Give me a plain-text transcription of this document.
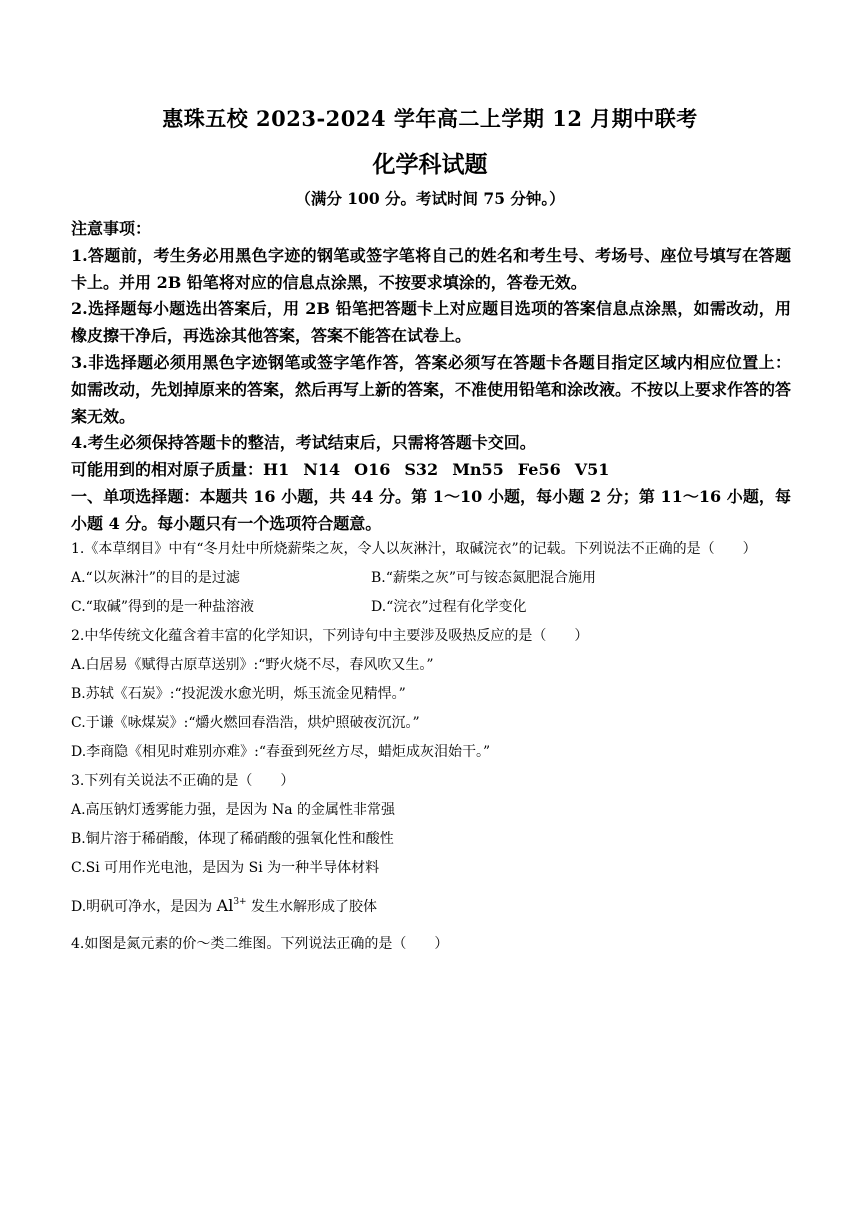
惠珠五校 2023-2024 学年高二上学期 12 月期中联考
化学科试题
（满分 100 分。考试时间 75 分钟。）

注意事项：

1.答题前，考生务必用黑色字迹的钢笔或签字笔将自己的姓名和考生号、考场号、座位号填写在答题卡上。并用 2B 铅笔将对应的信息点涂黑，不按要求填涂的，答卷无效。

2.选择题每小题选出答案后，用 2B 铅笔把答题卡上对应题目选项的答案信息点涂黑，如需改动，用橡皮擦干净后，再选涂其他答案，答案不能答在试卷上。

3.非选择题必须用黑色字迹钢笔或签字笔作答，答案必须写在答题卡各题目指定区域内相应位置上：如需改动，先划掉原来的答案，然后再写上新的答案，不准使用铅笔和涂改液。不按以上要求作答的答案无效。

4.考生必须保持答题卡的整洁，考试结束后，只需将答题卡交回。

可能用到的相对原子质量：H1 N14 O16 S32 Mn55 Fe56 V51

一、单项选择题：本题共 16 小题，共 44 分。第 1～10 小题，每小题 2 分；第 11～16 小题，每小题 4 分。每小题只有一个选项符合题意。

1.《本草纲目》中有“冬月灶中所烧薪柴之灰，令人以灰淋汁，取碱浣衣”的记载。下列说法不正确的是（　　）

A.“以灰淋汁”的目的是过滤	B.“薪柴之灰”可与铵态氮肥混合施用
C.“取碱”得到的是一种盐溶液	D.“浣衣”过程有化学变化

2.中华传统文化蕴含着丰富的化学知识，下列诗句中主要涉及吸热反应的是（　　）

A.白居易《赋得古原草送别》:“野火烧不尽，春风吹又生。”

B.苏轼《石炭》:“投泥泼水愈光明，烁玉流金见精悍。”

C.于谦《咏煤炭》:“爝火燃回春浩浩，烘炉照破夜沉沉。”

D.李商隐《相见时难别亦难》:“春蚕到死丝方尽，蜡炬成灰泪始干。”

3.下列有关说法不正确的是（　　）

A.高压钠灯透雾能力强，是因为 Na 的金属性非常强

B.铜片溶于稀硝酸，体现了稀硝酸的强氧化性和酸性

C.Si 可用作光电池，是因为 Si 为一种半导体材料

D.明矾可净水，是因为 $Al^{3+}$ 发生水解形成了胶体

4.如图是氮元素的价～类二维图。下列说法正确的是（　　）
